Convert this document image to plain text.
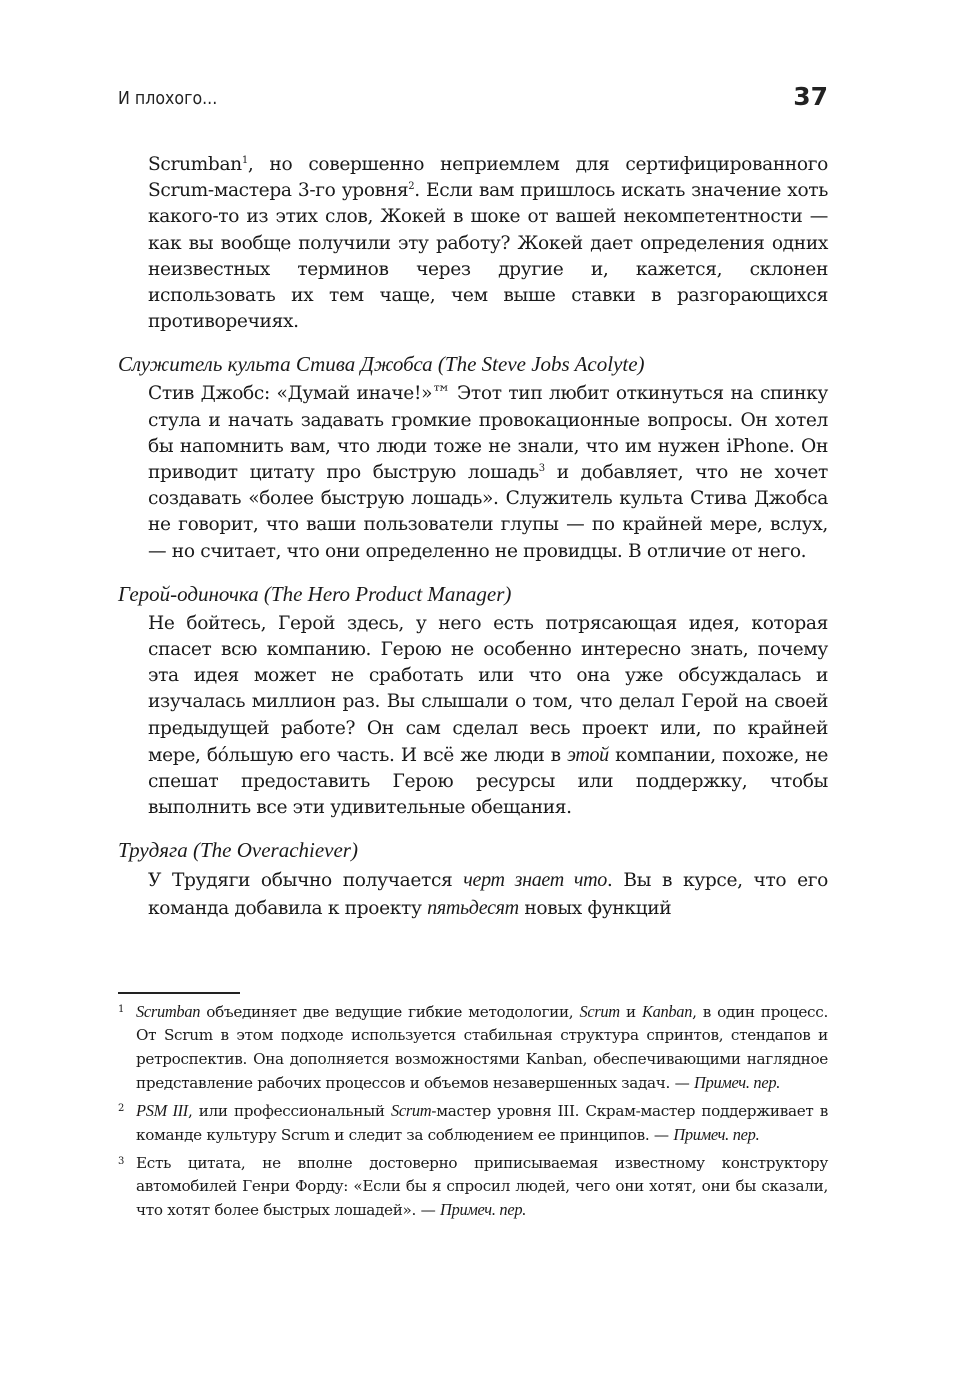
И плохого...	37

Scrumban$^1$, но совершенно неприемлем для сертифицированного Scrum-мастера 3-го уровня$^2$. Если вам пришлось искать значение хоть какого-то из этих слов, Жокей в шоке от вашей некомпетентности — как вы вообще получили эту работу? Жокей дает определения одних неизвестных терминов через другие и, кажется, склонен использовать их тем чаще, чем выше ставки в разгорающихся противоречиях.

Служитель культа Стива Джобса (The Steve Jobs Acolyte)

Стив Джобс: «Думай иначе!»™ Этот тип любит откинуться на спинку стула и начать задавать громкие провокационные вопросы. Он хотел бы напомнить вам, что люди тоже не знали, что им нужен iPhone. Он приводит цитату про быструю лошадь$^3$ и добавляет, что не хочет создавать «более быструю лошадь». Служитель культа Стива Джобса не говорит, что ваши пользователи глупы — по крайней мере, вслух, — но считает, что они определенно не провидцы. В отличие от него.

Герой-одиночка (The Hero Product Manager)

Не бойтесь, Герой здесь, у него есть потрясающая идея, которая спасет всю компанию. Герою не особенно интересно знать, почему эта идея может не сработать или что она уже обсуждалась и изучалась миллион раз. Вы слышали о том, что делал Герой на своей предыдущей работе? Он сам сделал весь проект или, по крайней мере, бóльшую его часть. И всё же люди в этой компании, похоже, не спешат предоставить Герою ресурсы или поддержку, чтобы выполнить все эти удивительные обещания.

Трудяга (The Overachiever)

У Трудяги обычно получается черт знает что. Вы в курсе, что его команда добавила к проекту пятьдесят новых функций

1 Scrumban объединяет две ведущие гибкие методологии, Scrum и Kanban, в один процесс. От Scrum в этом подходе используется стабильная структура спринтов, стендапов и ретроспектив. Она дополняется возможностями Kanban, обеспечивающими наглядное представление рабочих процессов и объемов незавершенных задач. — Примеч. пер.
2 PSM III, или профессиональный Scrum-мастер уровня III. Скрам-мастер поддерживает в команде культуру Scrum и следит за соблюдением ее принципов. — Примеч. пер.
3 Есть цитата, не вполне достоверно приписываемая известному конструктору автомобилей Генри Форду: «Если бы я спросил людей, чего они хотят, они бы сказали, что хотят более быстрых лошадей». — Примеч. пер.
